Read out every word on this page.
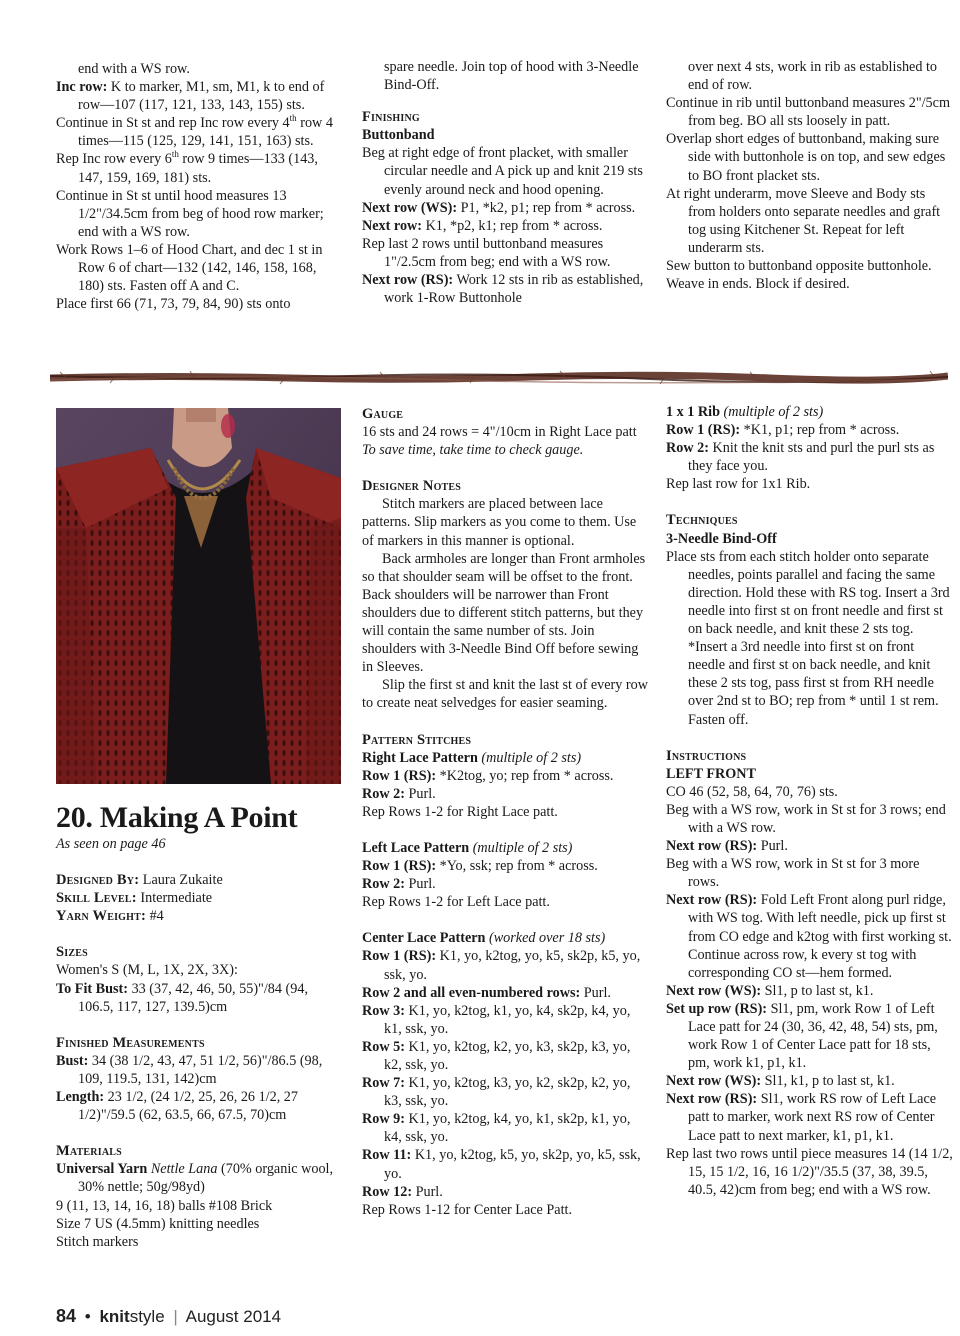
end with a WS row.

Inc row: K to marker, M1, sm, M1, k to end of row—107 (117, 121, 133, 143, 155) sts.

Continue in St st and rep Inc row every 4th row 4 times—115 (125, 129, 141, 151, 163) sts.

Rep Inc row every 6th row 9 times—133 (143, 147, 159, 169, 181) sts.

Continue in St st until hood measures 13 1/2"/34.5cm from beg of hood row marker; end with a WS row.

Work Rows 1–6 of Hood Chart, and dec 1 st in Row 6 of chart—132 (142, 146, 158, 168, 180) sts. Fasten off A and C.

Place first 66 (71, 73, 79, 84, 90) sts onto

spare needle. Join top of hood with 3-Needle Bind-Off.

Finishing

Buttonband

Beg at right edge of front placket, with smaller circular needle and A pick up and knit 219 sts evenly around neck and hood opening.

Next row (WS): P1, *k2, p1; rep from * across.

Next row: K1, *p2, k1; rep from * across.

Rep last 2 rows until buttonband measures 1"/2.5cm from beg; end with a WS row.

Next row (RS): Work 12 sts in rib as established, work 1-Row Buttonhole

over next 4 sts, work in rib as established to end of row.

Continue in rib until buttonband measures 2"/5cm from beg. BO all sts loosely in patt.

Overlap short edges of buttonband, making sure side with buttonhole is on top, and sew edges to BO front placket sts.

At right underarm, move Sleeve and Body sts from holders onto separate needles and graft tog using Kitchener St. Repeat for left underarm sts.

Sew button to buttonband opposite buttonhole.

Weave in ends. Block if desired.

20. Making A Point

As seen on page 46

Designed By: Laura Zukaite

Skill Level: Intermediate

Yarn Weight: #4

Sizes

Women's S (M, L, 1X, 2X, 3X):

To Fit Bust: 33 (37, 42, 46, 50, 55)"/84 (94, 106.5, 117, 127, 139.5)cm

Finished Measurements

Bust: 34 (38 1/2, 43, 47, 51 1/2, 56)"/86.5 (98, 109, 119.5, 131, 142)cm

Length: 23 1/2, (24 1/2, 25, 26, 26 1/2, 27 1/2)"/59.5 (62, 63.5, 66, 67.5, 70)cm

Materials

Universal Yarn Nettle Lana (70% organic wool, 30% nettle; 50g/98yd)

9 (11, 13, 14, 16, 18) balls #108 Brick

Size 7 US (4.5mm) knitting needles

Stitch markers

Gauge

16 sts and 24 rows = 4"/10cm in Right Lace patt

To save time, take time to check gauge.

Designer Notes

Stitch markers are placed between lace patterns. Slip markers as you come to them. Use of markers in this manner is optional.

Back armholes are longer than Front armholes so that shoulder seam will be offset to the front. Back shoulders will be narrower than Front shoulders due to different stitch patterns, but they will contain the same number of sts. Join shoulders with 3-Needle Bind Off before sewing in Sleeves.

Slip the first st and knit the last st of every row to create neat selvedges for easier seaming.

Pattern Stitches

Right Lace Pattern (multiple of 2 sts)

Row 1 (RS): *K2tog, yo; rep from * across.

Row 2: Purl.

Rep Rows 1-2 for Right Lace patt.

Left Lace Pattern (multiple of 2 sts)

Row 1 (RS): *Yo, ssk; rep from * across.

Row 2: Purl.

Rep Rows 1-2 for Left Lace patt.

Center Lace Pattern (worked over 18 sts)

Row 1 (RS): K1, yo, k2tog, yo, k5, sk2p, k5, yo, ssk, yo.

Row 2 and all even-numbered rows: Purl.

Row 3: K1, yo, k2tog, k1, yo, k4, sk2p, k4, yo, k1, ssk, yo.

Row 5: K1, yo, k2tog, k2, yo, k3, sk2p, k3, yo, k2, ssk, yo.

Row 7: K1, yo, k2tog, k3, yo, k2, sk2p, k2, yo, k3, ssk, yo.

Row 9: K1, yo, k2tog, k4, yo, k1, sk2p, k1, yo, k4, ssk, yo.

Row 11: K1, yo, k2tog, k5, yo, sk2p, yo, k5, ssk, yo.

Row 12: Purl.

Rep Rows 1-12 for Center Lace Patt.

1 x 1 Rib (multiple of 2 sts)

Row 1 (RS): *K1, p1; rep from * across.

Row 2: Knit the knit sts and purl the purl sts as they face you.

Rep last row for 1x1 Rib.

Techniques

3-Needle Bind-Off

Place sts from each stitch holder onto separate needles, points parallel and facing the same direction. Hold these with RS tog. Insert a 3rd needle into first st on front needle and first st on back needle, and knit these 2 sts tog. *Insert a 3rd needle into first st on front needle and first st on back needle, and knit these 2 sts tog, pass first st from RH needle over 2nd st to BO; rep from * until 1 st rem. Fasten off.

Instructions

LEFT FRONT

CO 46 (52, 58, 64, 70, 76) sts.

Beg with a WS row, work in St st for 3 rows; end with a WS row.

Next row (RS): Purl.

Beg with a WS row, work in St st for 3 more rows.

Next row (RS): Fold Left Front along purl ridge, with WS tog. With left needle, pick up first st from CO edge and k2tog with first working st. Continue across row, k every st tog with corresponding CO st—hem formed.

Next row (WS): Sl1, p to last st, k1.

Set up row (RS): Sl1, pm, work Row 1 of Left Lace patt for 24 (30, 36, 42, 48, 54) sts, pm, work Row 1 of Center Lace patt for 18 sts, pm, work k1, p1, k1.

Next row (WS): Sl1, k1, p to last st, k1.

Next row (RS): Sl1, work RS row of Left Lace patt to marker, work next RS row of Center Lace patt to next marker, k1, p1, k1.

Rep last two rows until piece measures 14 (14 1/2, 15, 15 1/2, 16, 16 1/2)"/35.5 (37, 38, 39.5, 40.5, 42)cm from beg; end with a WS row.

84 • knitstyle | August 2014
